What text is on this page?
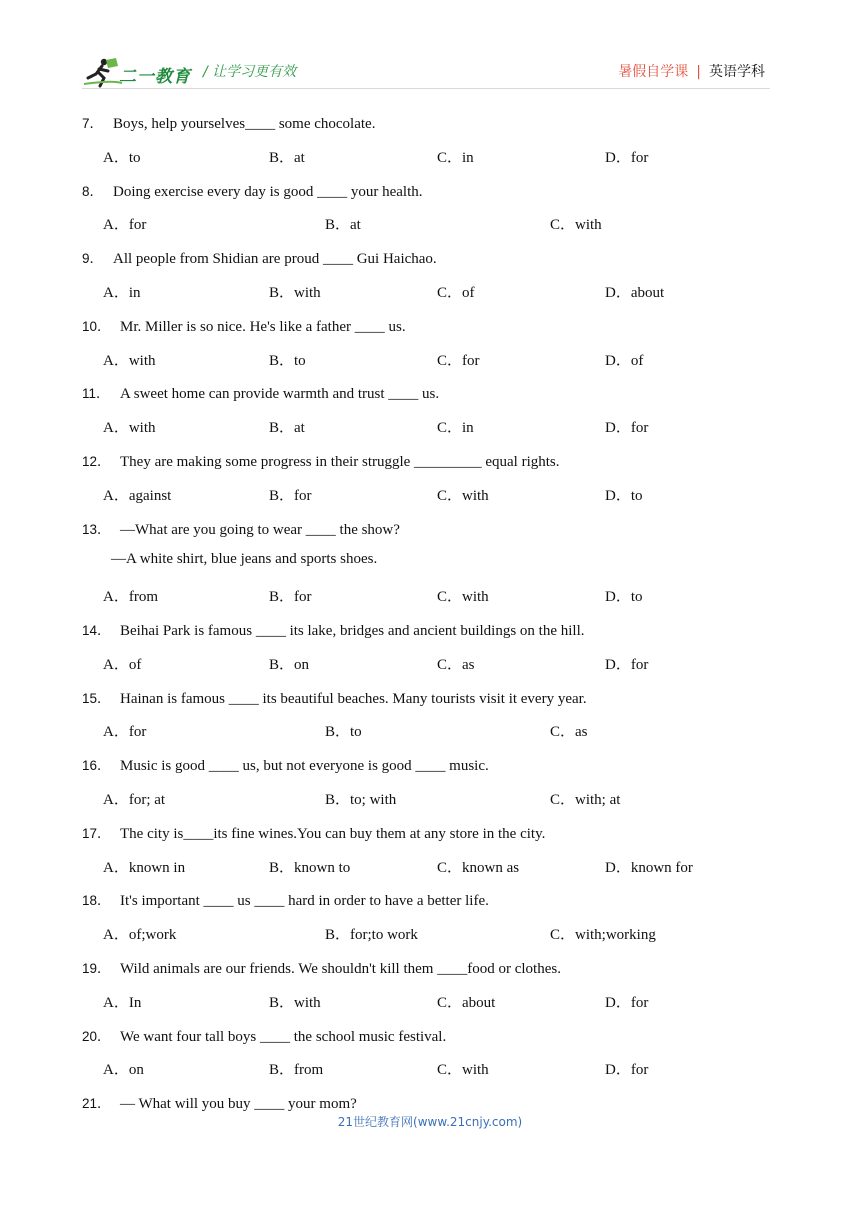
二一教育 / 让学习更有效	暑假自学课 | 英语学科
7． Boys, help yourselves____ some chocolate.
A．to	B．at	C．in	D．for
8． Doing exercise every day is good ____ your health.
A．for	B．at	C．with
9． All people from Shidian are proud ____ Gui Haichao.
A．in	B．with	C．of	D．about
10． Mr. Miller is so nice. He's like a father ____ us.
A．with	B．to	C．for	D．of
11． A sweet home can provide warmth and trust ____ us.
A．with	B．at	C．in	D．for
12． They are making some progress in their struggle _________ equal rights.
A．against	B．for	C．with	D．to
13． —What are you going to wear ____ the show?
—A white shirt, blue jeans and sports shoes.
A．from	B．for	C．with	D．to
14． Beihai Park is famous ____ its lake, bridges and ancient buildings on the hill.
A．of	B．on	C．as	D．for
15． Hainan is famous ____ its beautiful beaches. Many tourists visit it every year.
A．for	B．to	C．as
16． Music is good ____ us, but not everyone is good ____ music.
A．for; at	B．to; with	C．with; at
17． The city is____its fine wines.You can buy them at any store in the city.
A．known in	B．known to	C．known as	D．known for
18． It's important ____ us ____ hard in order to have a better life.
A．of;work	B．for;to work	C．with;working
19． Wild animals are our friends. We shouldn't kill them ____food or clothes.
A．In	B．with	C．about	D．for
20． We want four tall boys ____ the school music festival.
A．on	B．from	C．with	D．for
21． — What will you buy ____ your mom?
21世纪教育网(www.21cnjy.com)
